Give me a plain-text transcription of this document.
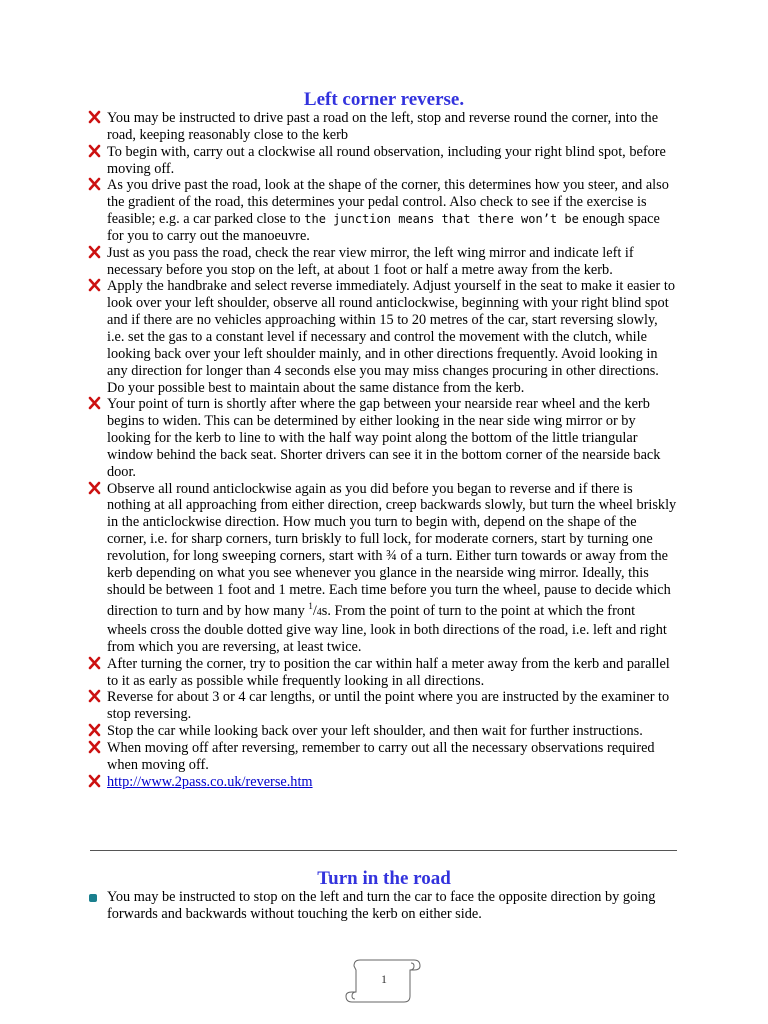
Left corner reverse.
You may be instructed to drive past a road on the left, stop and reverse round the corner, into the road, keeping reasonably close to the kerb
To begin with, carry out a clockwise all round observation, including your right blind spot, before moving off.
As you drive past the road, look at the shape of the corner, this determines how you steer, and also the gradient of the road, this determines your pedal control. Also check to see if the exercise is feasible; e.g. a car parked close to the junction means that there won’t be enough space for you to carry out the manoeuvre.
Just as you pass the road, check the rear view mirror, the left wing mirror and indicate left if necessary before you stop on the left, at about 1 foot or half a metre away from the kerb.
Apply the handbrake and select reverse immediately. Adjust yourself in the seat to make it easier to look over your left shoulder, observe all round anticlockwise, beginning with your right blind spot and if there are no vehicles approaching within 15 to 20 metres of the car, start reversing slowly, i.e. set the gas to a constant level if necessary and control the movement with the clutch, while looking back over your left shoulder mainly, and in other directions frequently. Avoid looking in any direction for longer than 4 seconds else you may miss changes procuring in other directions. Do your possible best to maintain about the same distance from the kerb.
Your point of turn is shortly after where the gap between your nearside rear wheel and the kerb begins to widen. This can be determined by either looking in the near side wing mirror or by looking for the kerb to line to with the half way point along the bottom of the little triangular window behind the back seat. Shorter drivers can see it in the bottom corner of the nearside back door.
Observe all round anticlockwise again as you did before you began to reverse and if there is nothing at all approaching from either direction, creep backwards slowly, but turn the wheel briskly in the anticlockwise direction. How much you turn to begin with, depend on the shape of the corner, i.e. for sharp corners, turn briskly to full lock, for moderate corners, start by turning one revolution, for long sweeping corners, start with ¾ of a turn. Either turn towards or away from the kerb depending on what you see whenever you glance in the nearside wing mirror. Ideally, this should be between 1 foot and 1 metre. Each time before you turn the wheel, pause to decide which direction to turn and by how many $^1$/4s. From the point of turn to the point at which the front wheels cross the double dotted give way line, look in both directions of the road, i.e. left and right from which you are reversing, at least twice.
After turning the corner, try to position the car within half a meter away from the kerb and parallel to it as early as possible while frequently looking in all directions.
Reverse for about 3 or 4 car lengths, or until the point where you are instructed by the examiner to stop reversing.
Stop the car while looking back over your left shoulder, and then wait for further instructions.
When moving off after reversing, remember to carry out all the necessary observations required when moving off.
http://www.2pass.co.uk/reverse.htm
Turn in the road
You may be instructed to stop on the left and turn the car to face the opposite direction by going forwards and backwards without touching the kerb on either side.
1
